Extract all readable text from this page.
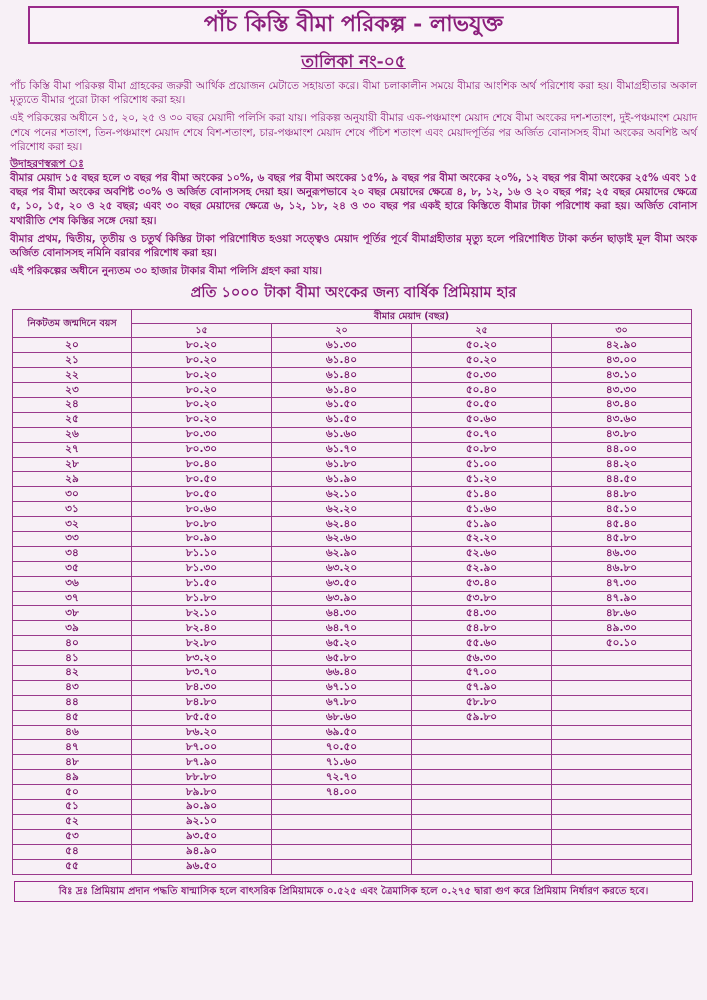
পাঁচ কিস্তি বীমা পরিকল্প - লাভযুক্ত
তালিকা নং-০৫

পাঁচ কিস্তি বীমা পরিকল্প বীমা গ্রাহকের জরুরী আর্থিক প্রয়োজন মেটাতে সহায়তা করে। বীমা চলাকালীন সময়ে বীমার আংশিক অর্থ পরিশোধ করা হয়। বীমাগ্রহীতার অকাল মৃত্যুতে বীমার পুরো টাকা পরিশোধ করা হয়।

এই পরিকল্পের অধীনে ১৫, ২০, ২৫ ও ৩০ বছর মেয়াদী পলিসি করা যায়। পরিকল্প অনুযায়ী বীমার এক-পঞ্চমাংশ মেয়াদ শেষে বীমা অংকের দশ-শতাংশ, দুই-পঞ্চমাংশ মেয়াদ শেষে পনের শতাংশ, তিন-পঞ্চমাংশ মেয়াদ শেষে বিশ-শতাংশ, চার-পঞ্চমাংশ মেয়াদ শেষে পঁচিশ শতাংশ এবং মেয়াদপূর্তির পর অর্জিত বোনাসসহ বীমা অংকের অবশিষ্ট অর্থ পরিশোধ করা হয়।

উদাহরণস্বরূপ ঃ

বীমার মেয়াদ ১৫ বছর হলে ৩ বছর পর বীমা অংকের ১০%, ৬ বছর পর বীমা অংকের ১৫%, ৯ বছর পর বীমা অংকের ২০%, ১২ বছর পর বীমা অংকের ২৫% এবং ১৫ বছর পর বীমা অংকের অবশিষ্ট ৩০% ও অর্জিত বোনাসসহ দেয়া হয়। অনুরূপভাবে ২০ বছর মেয়াদের ক্ষেত্রে ৪, ৮, ১২, ১৬ ও ২০ বছর পর; ২৫ বছর মেয়াদের ক্ষেত্রে ৫, ১০, ১৫, ২০ ও ২৫ বছর; এবং ৩০ বছর মেয়াদের ক্ষেত্রে ৬, ১২, ১৮, ২৪ ও ৩০ বছর পর একই হারে কিস্তিতে বীমার টাকা পরিশোধ করা হয়। অর্জিত বোনাস যথারীতি শেষ কিস্তির সঙ্গে দেয়া হয়।

বীমার প্রথম, দ্বিতীয়, তৃতীয় ও চতুর্থ কিস্তির টাকা পরিশোধিত হওয়া সত্ত্বেও মেয়াদ পূর্তির পূর্বে বীমাগ্রহীতার মৃত্যু হলে পরিশোধিত টাকা কর্তন ছাড়াই মূল বীমা অংক অর্জিত বোনাসসহ নমিনি বরাবর পরিশোধ করা হয়।

এই পরিকল্পের অধীনে নুন্যতম ৩০ হাজার টাকার বীমা পলিসি গ্রহণ করা যায়।

প্রতি ১০০০ টাকা বীমা অংকের জন্য বার্ষিক প্রিমিয়াম হার
নিকটতম জন্মদিনে বয়স	বীমার মেয়াদ (বছর)			
	১৫	২০	২৫	৩০
২০	৮০.২০	৬১.৩০	৫০.২০	৪২.৯০
২১	৮০.২০	৬১.৪০	৫০.২০	৪৩.০০
২২	৮০.২০	৬১.৪০	৫০.৩০	৪৩.১০
২৩	৮০.২০	৬১.৪০	৫০.৪০	৪৩.৩০
২৪	৮০.২০	৬১.৫০	৫০.৫০	৪৩.৪০
২৫	৮০.২০	৬১.৫০	৫০.৬০	৪৩.৬০
২৬	৮০.৩০	৬১.৬০	৫০.৭০	৪৩.৮০
২৭	৮০.৩০	৬১.৭০	৫০.৮০	৪৪.০০
২৮	৮০.৪০	৬১.৮০	৫১.০০	৪৪.২০
২৯	৮০.৫০	৬১.৯০	৫১.২০	৪৪.৫০
৩০	৮০.৫০	৬২.১০	৫১.৪০	৪৪.৮০
৩১	৮০.৬০	৬২.২০	৫১.৬০	৪৫.১০
৩২	৮০.৮০	৬২.৪০	৫১.৯০	৪৫.৪০
৩৩	৮০.৯০	৬২.৬০	৫২.২০	৪৫.৮০
৩৪	৮১.১০	৬২.৯০	৫২.৬০	৪৬.৩০
৩৫	৮১.৩০	৬৩.২০	৫২.৯০	৪৬.৮০
৩৬	৮১.৫০	৬৩.৫০	৫৩.৪০	৪৭.৩০
৩৭	৮১.৮০	৬৩.৯০	৫৩.৮০	৪৭.৯০
৩৮	৮২.১০	৬৪.৩০	৫৪.৩০	৪৮.৬০
৩৯	৮২.৪০	৬৪.৭০	৫৪.৮০	৪৯.৩০
৪০	৮২.৮০	৬৫.২০	৫৫.৬০	৫০.১০
৪১	৮৩.২০	৬৫.৮০	৫৬.৩০	
৪২	৮৩.৭০	৬৬.৪০	৫৭.০০	
৪৩	৮৪.৩০	৬৭.১০	৫৭.৯০	
৪৪	৮৪.৮০	৬৭.৮০	৫৮.৮০	
৪৫	৮৫.৫০	৬৮.৬০	৫৯.৮০	
৪৬	৮৬.২০	৬৯.৫০		
৪৭	৮৭.০০	৭০.৫০		
৪৮	৮৭.৯০	৭১.৬০		
৪৯	৮৮.৮০	৭২.৭০		
৫০	৮৯.৮০	৭৪.০০		
৫১	৯০.৯০			
৫২	৯২.১০			
৫৩	৯৩.৫০			
৫৪	৯৪.৯০			
৫৫	৯৬.৫০			
বিঃ দ্রঃ প্রিমিয়াম প্রদান পদ্ধতি ষান্মাসিক হলে বাৎসরিক প্রিমিয়ামকে ০.৫২৫ এবং ত্রৈমাসিক হলে ০.২৭৫ দ্বারা গুণ করে প্রিমিয়াম নির্ধারণ করতে হবে।
